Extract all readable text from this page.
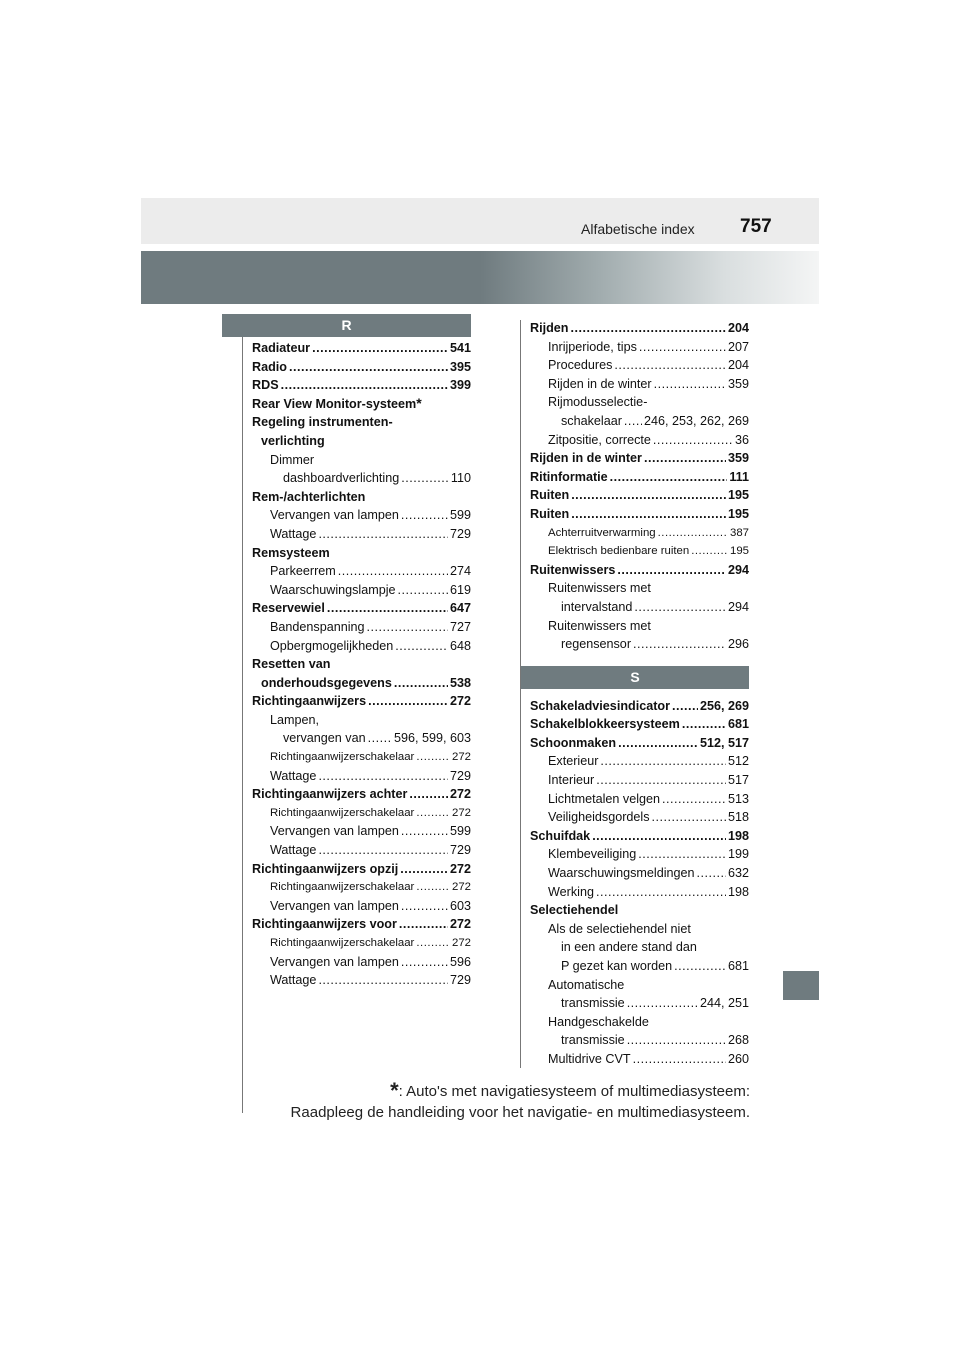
Alfabetische index 757
R
Radiateur .....	541
Radio .....	395
RDS .....	399
Rear View Monitor-systeem *
Regeling instrumenten-
verlichting
Dimmer
dashboardverlichting .....	110
Rem-/achterlichten
Vervangen van lampen .....	599
Wattage .....	729
Remsysteem
Parkeerrem .....	274
Waarschuwingslampje .....	619
Reservewiel .....	647
Bandenspanning .....	727
Opbergmogelijkheden .....	648
Resetten van
onderhoudsgegevens .....	538
Richtingaanwijzers .....	272
Lampen,
vervangen van ..... 596, 599, 603
Richtingaanwijzerschakelaar .....	272
Wattage .....	729
Richtingaanwijzers achter .....	272
Richtingaanwijzerschakelaar .....	272
Vervangen van lampen .....	599
Wattage .....	729
Richtingaanwijzers opzij .....	272
Richtingaanwijzerschakelaar .....	272
Vervangen van lampen .....	603
Richtingaanwijzers voor .....	272
Richtingaanwijzerschakelaar .....	272
Vervangen van lampen .....	596
Wattage .....	729
Rijden .....	204
Inrijperiode, tips .....	207
Procedures .....	204
Rijden in de winter .....	359
Rijmodusselectie-
schakelaar ..... 246, 253, 262, 269
Zitpositie, correcte .....	36
Rijden in de winter .....	359
Ritinformatie .....	111
Ruiten .....	195
Ruiten .....	195
Achterruitverwarming .....	387
Elektrisch bedienbare ruiten .....	195
Ruitenwissers .....	294
Ruitenwissers met
intervalstand .....	294
Ruitenwissers met
regensensor .....	296
S
Schakeladviesindicator ..... 256, 269
Schakelblokkeersysteem .....	681
Schoonmaken .....	512, 517
Exterieur .....	512
Interieur .....	517
Lichtmetalen velgen .....	513
Veiligheidsgordels .....	518
Schuifdak .....	198
Klembeveiliging .....	199
Waarschuwingsmeldingen .....	632
Werking .....	198
Selectiehendel
Als de selectiehendel niet
in een andere stand dan
P gezet kan worden .....	681
Automatische
transmissie .....	244, 251
Handgeschakelde
transmissie .....	268
Multidrive CVT .....	260
*: Auto's met navigatiesysteem of multimediasysteem:
Raadpleeg de handleiding voor het navigatie- en multimediasysteem.
